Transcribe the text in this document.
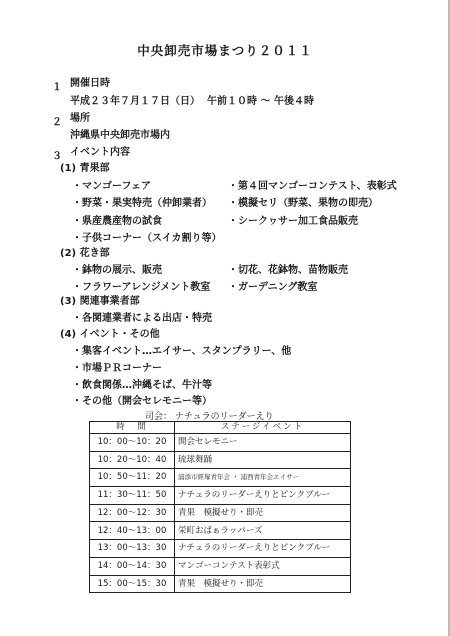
中央卸売市場まつり２０１１
１ 開催日時
平成２３年７月１７日（日） 午前１０時 〜 午後４時
２ 場所
沖縄県中央卸売市場内
３ イベント内容
(1) 青果部
・マンゴーフェア
・野菜・果実特売（仲卸業者）
・県産農産物の試食
・子供コーナー（スイカ割り等）
・第４回マンゴーコンテスト、表彰式
・模擬セリ（野菜、果物の即売）
・シークヮサー加工食品販売
(2) 花き部
・鉢物の展示、販売
・フラワーアレンジメント教室
・切花、花鉢物、苗物販売
・ガーデニング教室
(3) 関連事業者部
・各関連業者による出店・特売
(4) イベント・その他
・集客イベント…エイサー、スタンプラリー、他
・市場ＰＲコーナー
・飲食関係…沖縄そば、牛汁等
・その他（開会セレモニー等）
司会： ナチュラのリーダーえり
時　間	ステージイベント
10：00〜10：20	開会セレモニー
10：20〜10：40	琉球舞踊
10：50〜11：20	浦添市經塚青年会 ・ 浦西青年会エイサー
11：30〜11：50	ナチュラのリーダーえりとピンクブルー
12：00〜12：30	青果　模擬せり・即売
12：40〜13：00	栄町おばぁラッパーズ
13：00〜13：30	ナチュラのリーダーえりとピンクブルー
14：00〜14：30	マンゴーコンテスト表彰式
15：00〜15：30	青果　模擬せり・即売
